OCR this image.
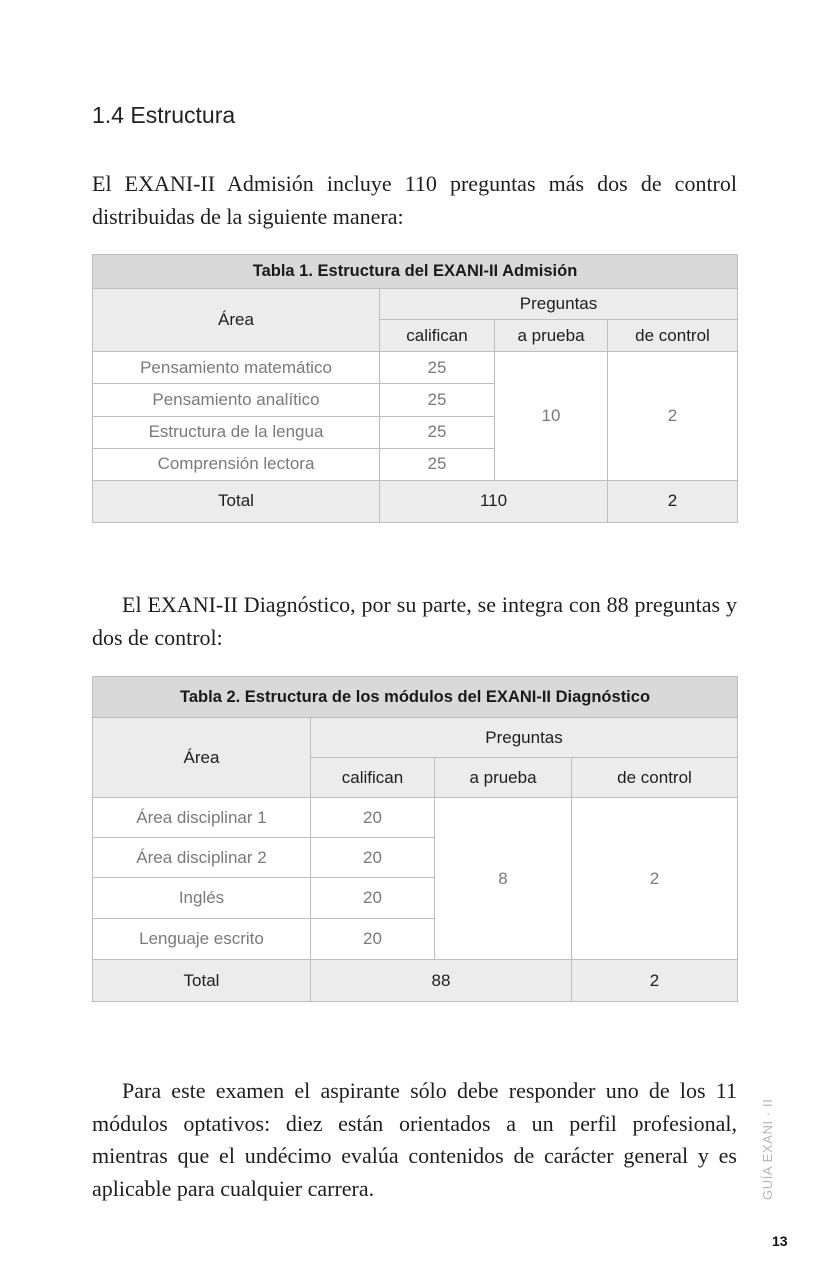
1.4 Estructura

El EXANI-II Admisión incluye 110 preguntas más dos de control distribuidas de la siguiente manera:

Tabla 1. Estructura del EXANI-II Admisión			
Área	Preguntas		
	califican	a prueba	de control
Pensamiento matemático	25	10	2
Pensamiento analítico	25		
Estructura de la lengua	25		
Comprensión lectora	25		
Total	110		2

El EXANI-II Diagnóstico, por su parte, se integra con 88 preguntas y dos de control:

Tabla 2. Estructura de los módulos del EXANI-II Diagnóstico			
Área	Preguntas		
	califican	a prueba	de control
Área disciplinar 1	20	8	2
Área disciplinar 2	20		
Inglés	20		
Lenguaje escrito	20		
Total	88		2

Para este examen el aspirante sólo debe responder uno de los 11 módulos optativos: diez están orientados a un perfil profesional, mientras que el undécimo evalúa contenidos de carácter general y es aplicable para cualquier carrera.	GUÍA EXANI · II
13
